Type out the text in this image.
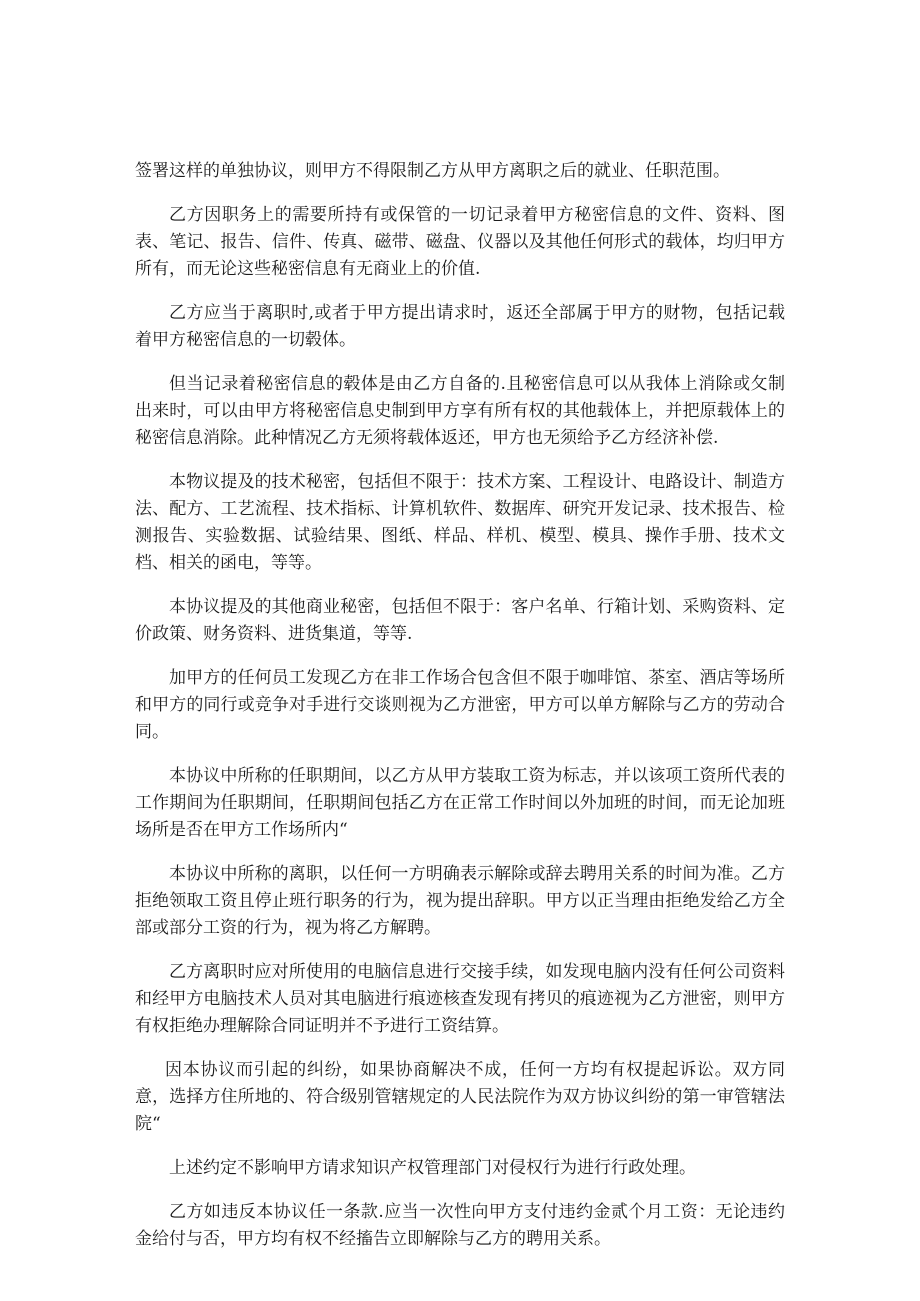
签署这样的单独协议，则甲方不得限制乙方从甲方离职之后的就业、任职范围。

乙方因职务上的需要所持有或保管的一切记录着甲方秘密信息的文件、资料、图表、笔记、报告、信件、传真、磁带、磁盘、仪器以及其他任何形式的载体，均归甲方所有，而无论这些秘密信息有无商业上的价值.

乙方应当于离职时,或者于甲方提出请求时，返还全部属于甲方的财物，包括记载着甲方秘密信息的一切毂体。

但当记录着秘密信息的毂体是由乙方自备的.且秘密信息可以从我体上消除或攵制出来时，可以由甲方将秘密信息史制到甲方享有所有权的其他载体上，并把原载体上的秘密信息消除。此种情况乙方无须将载体返还，甲方也无须给予乙方经济补偿.

本物议提及的技术秘密，包括但不限于：技术方案、工程设计、电路设计、制造方法、配方、工艺流程、技术指标、计算机软件、数据库、研究开发记录、技术报告、检测报告、实验数据、试验结果、图纸、样品、样机、模型、模具、操作手册、技术文档、相关的函电，等等。

本协议提及的其他商业秘密，包括但不限于：客户名单、行箱计划、采购资料、定价政策、财务资料、进货集道，等等.

加甲方的任何员工发现乙方在非工作场合包含但不限于咖啡馆、茶室、酒店等场所和甲方的同行或竞争对手进行交谈则视为乙方泄密，甲方可以单方解除与乙方的劳动合同。

本协议中所称的任职期间，以乙方从甲方装取工资为标志，并以该项工资所代表的工作期间为任职期间，任职期间包括乙方在正常工作时间以外加班的时间，而无论加班场所是否在甲方工作场所内“

本协议中所称的离职，以任何一方明确表示解除或辞去聘用关系的时间为准。乙方拒绝领取工资且停止班行职务的行为，视为提出辞职。甲方以正当理由拒绝发给乙方全部或部分工资的行为，视为将乙方解聘。

乙方离职时应对所使用的电脑信息进行交接手续，如发现电脑内没有任何公司资料和经甲方电脑技术人员对其电脑进行痕迹核查发现有拷贝的痕迹视为乙方泄密，则甲方有权拒绝办理解除合同证明并不予进行工资结算。

因本协议而引起的纠纷，如果协商解决不成，任何一方均有权提起诉讼。双方同意，选择方住所地的、符合级别管辖规定的人民法院作为双方协议纠纷的第一审管辖法院“

上述约定不影响甲方请求知识产权管理部门对侵权行为进行行政处理。

乙方如违反本协议任一条款.应当一次性向甲方支付违约金贰个月工资：无论违约金给付与否，甲方均有权不经搐告立即解除与乙方的聘用关系。
